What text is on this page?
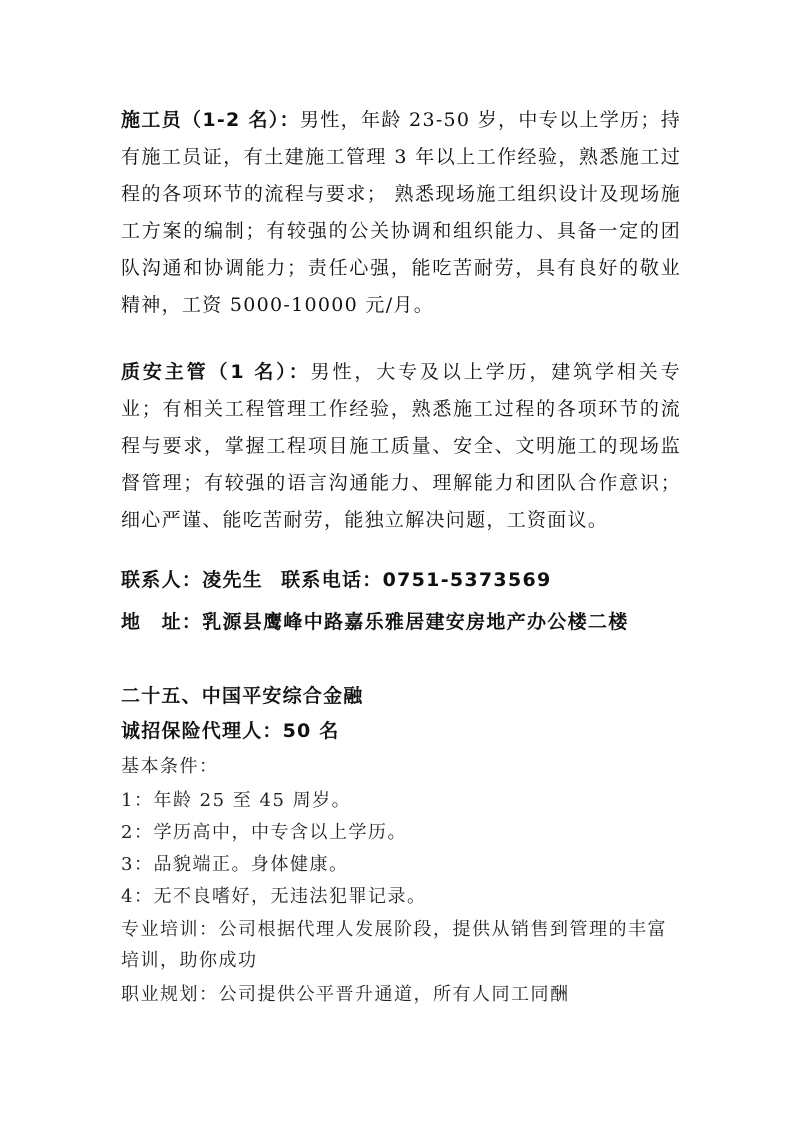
施工员（1-2 名）：男性，年龄 23-50 岁，中专以上学历；持有施工员证，有土建施工管理 3 年以上工作经验，熟悉施工过程的各项环节的流程与要求； 熟悉现场施工组织设计及现场施工方案的编制；有较强的公关协调和组织能力、具备一定的团队沟通和协调能力；责任心强，能吃苦耐劳，具有良好的敬业精神，工资 5000-10000 元/月。

质安主管（1 名）：男性，大专及以上学历，建筑学相关专业；有相关工程管理工作经验，熟悉施工过程的各项环节的流程与要求，掌握工程项目施工质量、安全、文明施工的现场监督管理；有较强的语言沟通能力、理解能力和团队合作意识；细心严谨、能吃苦耐劳，能独立解决问题，工资面议。

联系人：凌先生 联系电话：0751-5373569

地　址：乳源县鹰峰中路嘉乐雅居建安房地产办公楼二楼

二十五、中国平安综合金融

诚招保险代理人：50 名

基本条件：

1：年龄 25 至 45 周岁。

2：学历高中，中专含以上学历。

3：品貌端正。身体健康。

4：无不良嗜好，无违法犯罪记录。

专业培训：公司根据代理人发展阶段，提供从销售到管理的丰富培训，助你成功

职业规划：公司提供公平晋升通道，所有人同工同酬
